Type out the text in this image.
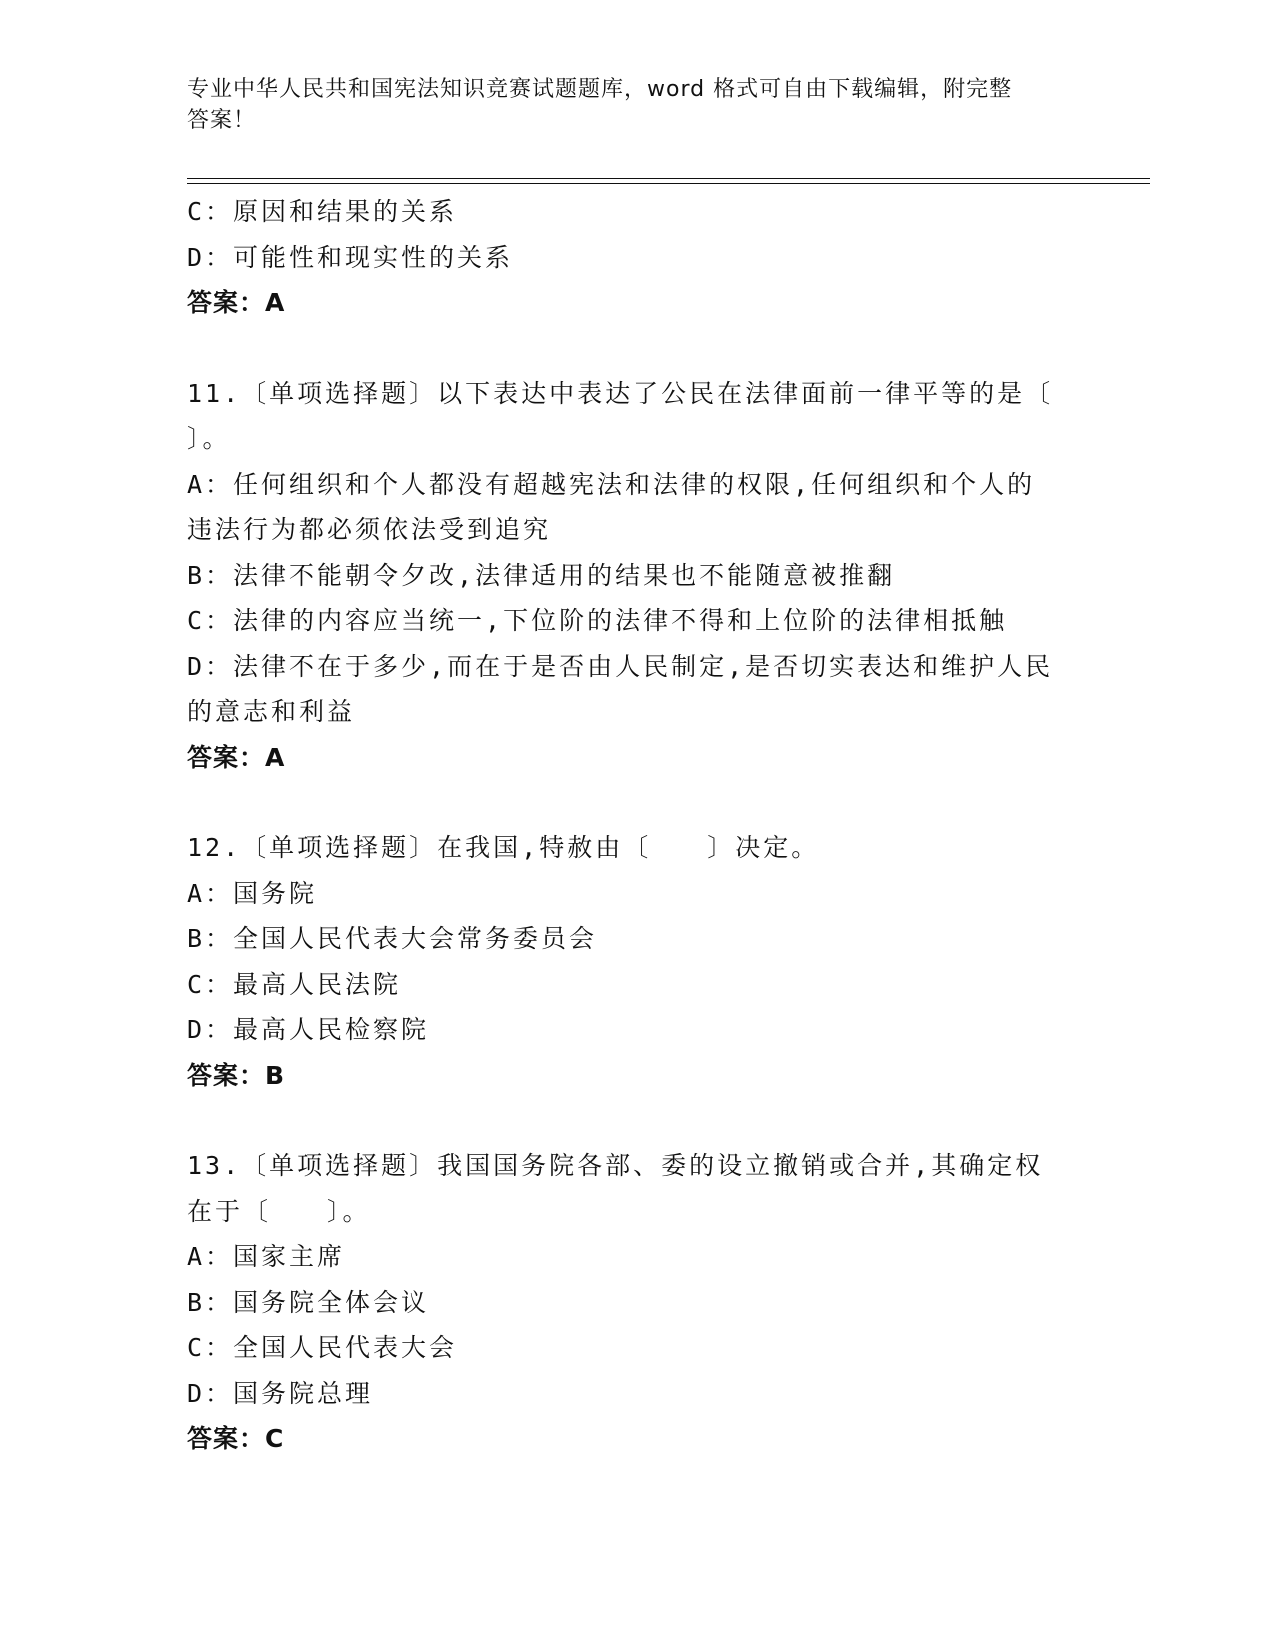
专业中华人民共和国宪法知识竞赛试题题库，word 格式可自由下载编辑，附完整
答案！
C：原因和结果的关系
D：可能性和现实性的关系
答案：A
11.〔单项选择题〕以下表达中表达了公民在法律面前一律平等的是〔
〕。
A：任何组织和个人都没有超越宪法和法律的权限,任何组织和个人的
违法行为都必须依法受到追究
B：法律不能朝令夕改,法律适用的结果也不能随意被推翻
C：法律的内容应当统一,下位阶的法律不得和上位阶的法律相抵触
D：法律不在于多少,而在于是否由人民制定,是否切实表达和维护人民
的意志和利益
答案：A
12.〔单项选择题〕在我国,特赦由〔　　〕决定。
A：国务院
B：全国人民代表大会常务委员会
C：最高人民法院
D：最高人民检察院
答案：B
13.〔单项选择题〕我国国务院各部、委的设立撤销或合并,其确定权
在于〔　　〕。
A：国家主席
B：国务院全体会议
C：全国人民代表大会
D：国务院总理
答案：C
